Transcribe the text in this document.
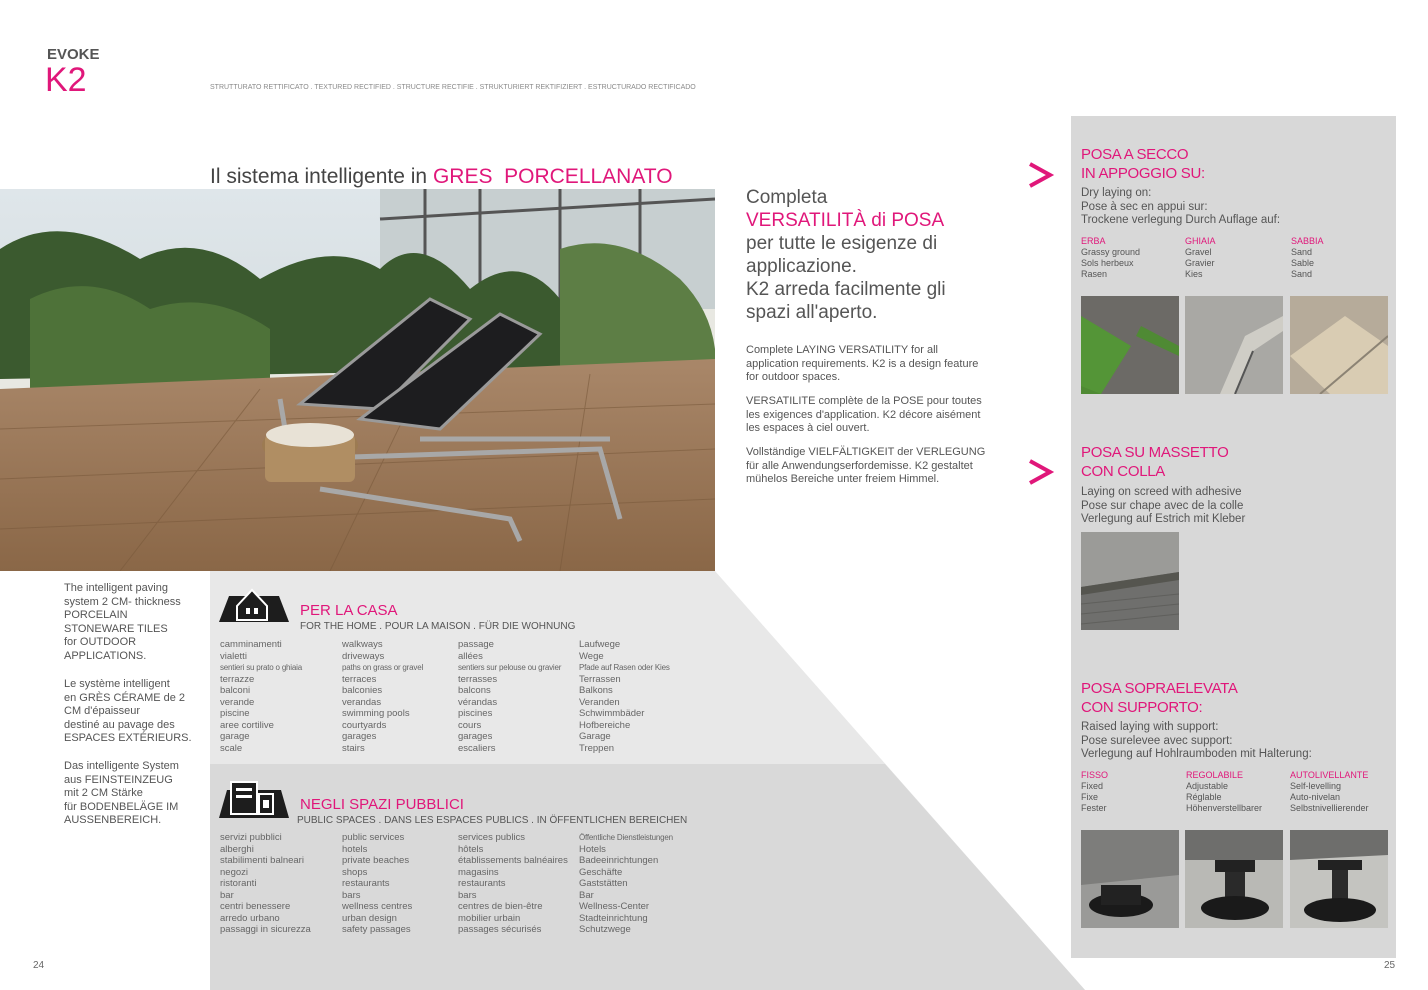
EVOKE
K2	STRUTTURATO RETTIFICATO . TEXTURED RECTIFIED . STRUCTURE RECTIFIE . STRUKTURIERT REKTIFIZIERT . ESTRUCTURADO RECTIFICADO

Il sistema intelligente in GRES  PORCELLANATO

The intelligent paving
system 2 CM- thickness
PORCELAIN
STONEWARE TILES
for OUTDOOR
APPLICATIONS.
Le système intelligent
en GRÈS CÉRAME de 2
CM d'épaisseur
destiné au pavage des
ESPACES EXTÉRIEURS.
Das intelligente System
aus FEINSTEINZEUG
mit 2 CM Stärke
für BODENBELÄGE IM
AUSSENBEREICH.
PER LA CASA
FOR THE HOME . POUR LA MAISON . FÜR DIE WOHNUNG
camminamenti
vialetti
sentieri su prato o ghiaia
terrazze
balconi
verande
piscine
aree cortilive
garage
scale
walkways
driveways
paths on grass or gravel
terraces
balconies
verandas
swimming pools
courtyards
garages
stairs
passage
allées
sentiers sur pelouse ou gravier
terrasses
balcons
vérandas
piscines
cours
garages
escaliers
Laufwege
Wege
Pfade auf Rasen oder Kies
Terrassen
Balkons
Veranden
Schwimmbäder
Hofbereiche
Garage
Treppen
NEGLI SPAZI PUBBLICI
PUBLIC SPACES . DANS LES ESPACES PUBLICS . IN ÖFFENTLICHEN BEREICHEN
servizi pubblici
alberghi
stabilimenti balneari
negozi
ristoranti
bar
centri benessere
arredo urbano
passaggi in sicurezza
public services
hotels
private beaches
shops
restaurants
bars
wellness centres
urban design
safety passages
services publics
hôtels
établissements balnéaires
magasins
restaurants
bars
centres de bien-être
mobilier urbain
passages sécurisés
Öffentliche Dienstleistungen
Hotels
Badeeinrichtungen
Geschäfte
Gaststätten
Bar
Wellness-Center
Stadteinrichtung
Schutzwege
Completa
VERSATILITÀ di POSA
per tutte le esigenze di
applicazione.
K2 arreda facilmente gli
spazi all'aperto.
Complete LAYING VERSATILITY for all application requirements. K2 is a design feature for outdoor spaces.
VERSATILITE complète de la POSE pour toutes les exigences d'application. K2 décore aisément les espaces à ciel ouvert.
Vollständige VIELFÄLTIGKEIT der VERLEGUNG für alle Anwendungserfordemisse. K2 gestaltet mühelos Bereiche unter freiem Himmel.
POSA A SECCO
IN APPOGGIO SU:
Dry laying on:
Pose à sec en appui sur:
Trockene verlegung Durch Auflage auf:
ERBA
Grassy ground
Sols herbeux
Rasen
GHIAIA
Gravel
Gravier
Kies
SABBIA
Sand
Sable
Sand
POSA SU MASSETTO
CON COLLA
Laying on screed with adhesive
Pose sur chape avec de la colle
Verlegung auf Estrich mit Kleber
POSA SOPRAELEVATA
CON SUPPORTO:
Raised laying with support:
Pose surelevee avec support:
Verlegung auf Hohlraumboden mit Halterung:
FISSO
Fixed
Fixe
Fester
REGOLABILE
Adjustable
Réglable
Höhenverstellbarer
AUTOLIVELLANTE
Self-levelling
Auto-nivelan
Selbstnivellierender
24	25
